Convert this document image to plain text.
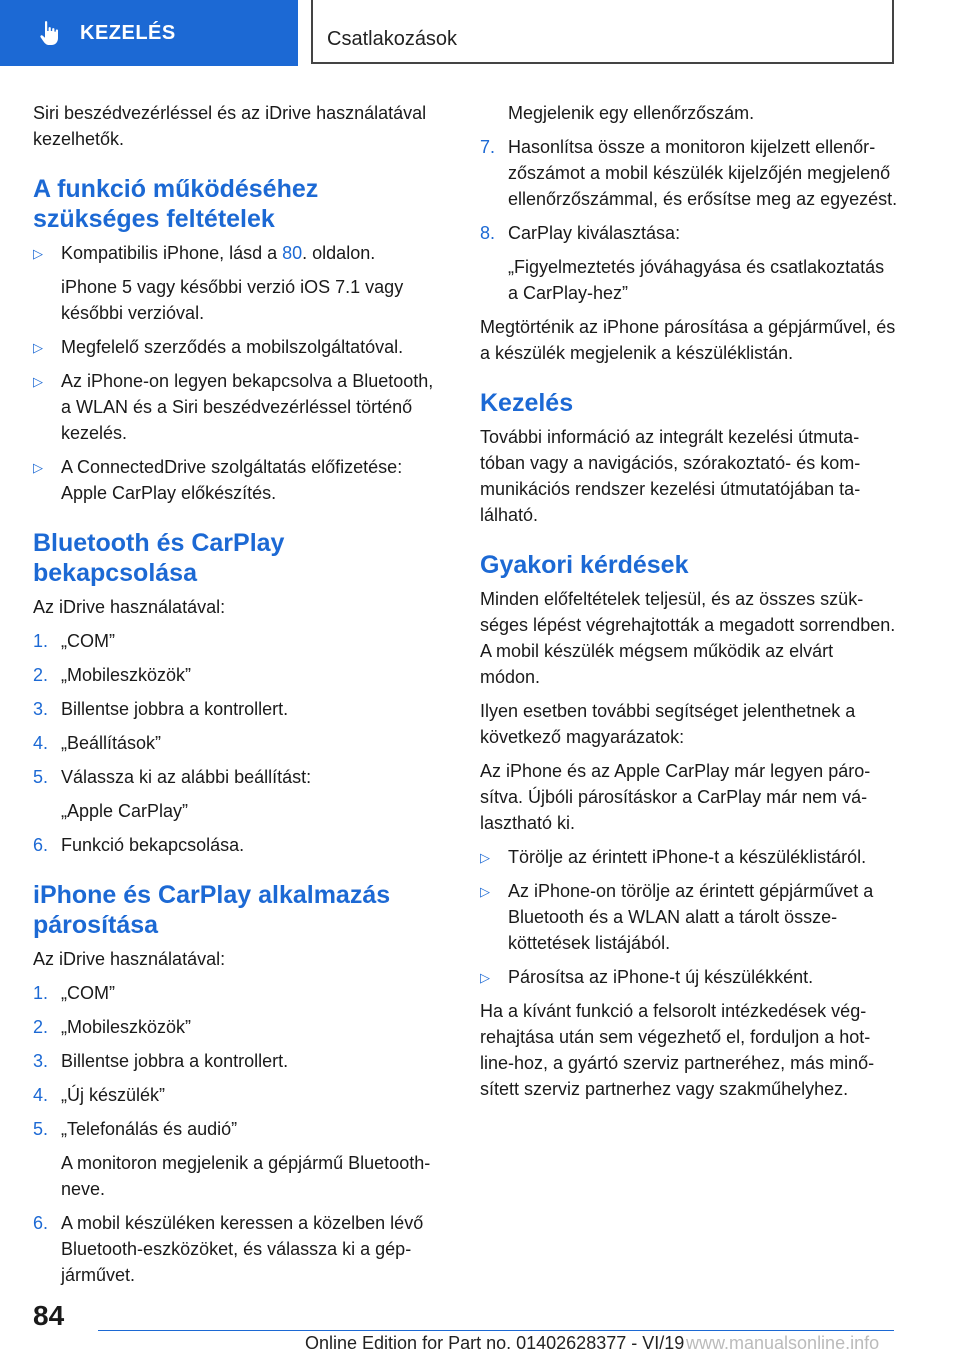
KEZELÉS	Csatlakozások

Siri beszédvezérléssel és az iDrive használatával kezelhetők.

A funkció működéséhez szükséges feltételek
▷ Kompatibilis iPhone, lásd a 80. oldalon.
iPhone 5 vagy későbbi verzió iOS 7.1 vagy későbbi verzióval.
▷ Megfelelő szerződés a mobilszolgáltatóval.
▷ Az iPhone-on legyen bekapcsolva a Bluetooth, a WLAN és a Siri beszédvezérléssel történő kezelés.
▷ A ConnectedDrive szolgáltatás előfizetése: Apple CarPlay előkészítés.
Bluetooth és CarPlay bekapcsolása

Az iDrive használatával:

1. „COM”
2. „Mobileszközök”
3. Billentse jobbra a kontrollert.
4. „Beállítások”
5. Válassza ki az alábbi beállítást:
„Apple CarPlay”
6. Funkció bekapcsolása.
iPhone és CarPlay alkalmazás párosítása

Az iDrive használatával:

1. „COM”
2. „Mobileszközök”
3. Billentse jobbra a kontrollert.
4. „Új készülék”
5. „Telefonálás és audió”
A monitoron megjelenik a gépjármű Bluetooth-neve.
6. A mobil készüléken keressen a közelben lévő Bluetooth-eszközöket, és válassza ki a gépjárművet.
Megjelenik egy ellenőrzőszám.
7. Hasonlítsa össze a monitoron kijelzett ellenőrzőszámot a mobil készülék kijelzőjén megjelenő ellenőrzőszámmal, és erősítse meg az egyezést.
8. CarPlay kiválasztása:
„Figyelmeztetés jóváhagyása és csatlakoztatás a CarPlay-hez”

Megtörténik az iPhone párosítása a gépjárművel, és a készülék megjelenik a készüléklistán.

Kezelés

További információ az integrált kezelési útmutatóban vagy a navigációs, szórakoztató- és kommunikációs rendszer kezelési útmutatójában található.

Gyakori kérdések

Minden előfeltételek teljesül, és az összes szükséges lépést végrehajtották a megadott sorrendben. A mobil készülék mégsem működik az elvárt módon.

Ilyen esetben további segítséget jelenthetnek a következő magyarázatok:

Az iPhone és az Apple CarPlay már legyen párosítva. Újbóli párosításkor a CarPlay már nem választható ki.

▷ Törölje az érintett iPhone-t a készüléklistáról.
▷ Az iPhone-on törölje az érintett gépjárművet a Bluetooth és a WLAN alatt a tárolt összeköttetések listájából.
▷ Párosítsa az iPhone-t új készülékként.

Ha a kívánt funkció a felsorolt intézkedések végrehajtása után sem végezhető el, forduljon a hotline-hoz, a gyártó szerviz partneréhez, más minősített szerviz partnerhez vagy szakműhelyhez.

84
Online Edition for Part no. 01402628377 - VI/19 www.manualsonline.info
